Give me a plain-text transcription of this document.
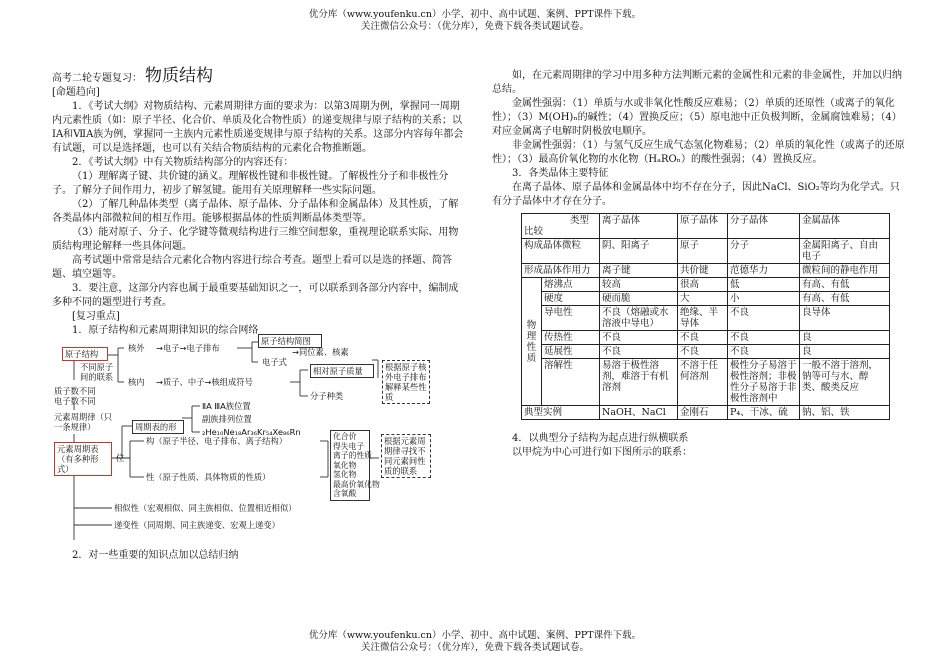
优分库（www.youfenku.cn）小学、初中、高中试题、案例、PPT课件下载。
关注微信公众号：（优分库），免费下载各类试题试卷。
高考二轮专题复习： 物质结构

[命题趋向]

1．《考试大纲》对物质结构、元素周期律方面的要求为：以第3周期为例，掌握同一周期内元素性质（如：原子半径、化合价、单质及化合物性质）的递变规律与原子结构的关系；以ⅠA和ⅦA族为例，掌握同一主族内元素性质递变规律与原子结构的关系。这部分内容每年都会有试题，可以是选择题，也可以有关结合物质结构的元素化合物推断题。

2．《考试大纲》中有关物质结构部分的内容还有：

（1）理解离子键、共价键的涵义。理解极性键和非极性键。了解极性分子和非极性分子。了解分子间作用力，初步了解氢键。能用有关原理解释一些实际问题。

（2）了解几种晶体类型（离子晶体、原子晶体、分子晶体和金属晶体）及其性质，了解各类晶体内部微粒间的相互作用。能够根据晶体的性质判断晶体类型等。

（3）能对原子、分子、化学键等微观结构进行三维空间想象，重视理论联系实际、用物质结构理论解释一些具体问题。

高考试题中常常是结合元素化合物内容进行综合考查。题型上看可以是选的择题、简答题、填空题等。

3．要注意，这部分内容也属于最重要基础知识之一，可以联系到各部分内容中，编制成多种不同的题型进行考查。

[复习重点]

1．原子结构和元素周期律知识的综合网络

原子结构
核外 →电子→电子排布
原子结构简图
电子式
→同位素、核素
核内 →质子、中子→核组成符号
相对原子质量
分子种类
根据原子核外电子排布解释某些性质
不同原子间的联系
质子数不同
电子数不同
元素周期律（只一条规律）	周期表的形
ⅡA ⅢA族位置
副族排列位置
₂He₁₀Ne₁₈Ar₃₆Kr₅₄Xe₈₆Rn
元素周期表（有多种形式）
位
构（原子半径、电子排布、离子结构）
性（原子性质、具体物质的性质）
化合价
得失电子
离子的性质
氧化物
氢化物
最高价氧化物
含氧酸
根据元素周期律寻找不同元素间性质的联系
相似性（宏观相似、同主族相似、位置相近相似）
递变性（同周期、同主族递变、宏观上递变）

2．对一些重要的知识点加以总结归纳

如，在元素周期律的学习中用多种方法判断元素的金属性和元素的非金属性，并加以归纳总结。

金属性强弱：（1）单质与水或非氧化性酸反应难易；（2）单质的还原性（或离子的氧化性）；（3）M(OH)ₙ的碱性；（4）置换反应；（5）原电池中正负极判断，金属腐蚀难易；（4）对应金属离子电解时阴极放电顺序。

非金属性强弱：（1）与氢气反应生成气态氢化物难易；（2）单质的氧化性（或离子的还原性）；（3）最高价氧化物的水化物（HₐROₙ）的酸性强弱；（4）置换反应。

3．各类晶体主要特征

在离子晶体、原子晶体和金属晶体中均不存在分子，因此NaCl、SiO₂等均为化学式。只有分子晶体中才存在分子。

类型
比较		离子晶体	原子晶体	分子晶体	金属晶体
构成晶体微粒		阴、阳离子	原子	分子	金属阳离子、自由电子
形成晶体作用力		离子键	共价键	范德华力	微粒间的静电作用
物理性质	熔沸点	较高	很高	低	有高、有低
	硬度	硬而脆	大	小	有高、有低
	导电性	不良（熔融或水溶液中导电）	绝缘、半导体	不良	良导体
	传热性	不良	不良	不良	良
	延展性	不良	不良	不良	良
	溶解性	易溶于极性溶剂，难溶于有机溶剂	不溶于任何溶剂	极性分子易溶于极性溶剂；非极性分子易溶于非极性溶剂中	一般不溶于溶剂，钠等可与水、醇类、酸类反应
典型实例		NaOH、NaCl	金刚石	P₄、干冰、硫	钠、铝、铁

4．以典型分子结构为起点进行纵横联系

以甲烷为中心可进行如下图所示的联系：

优分库（www.youfenku.cn）小学、初中、高中试题、案例、PPT课件下载。
关注微信公众号：（优分库），免费下载各类试题试卷。
